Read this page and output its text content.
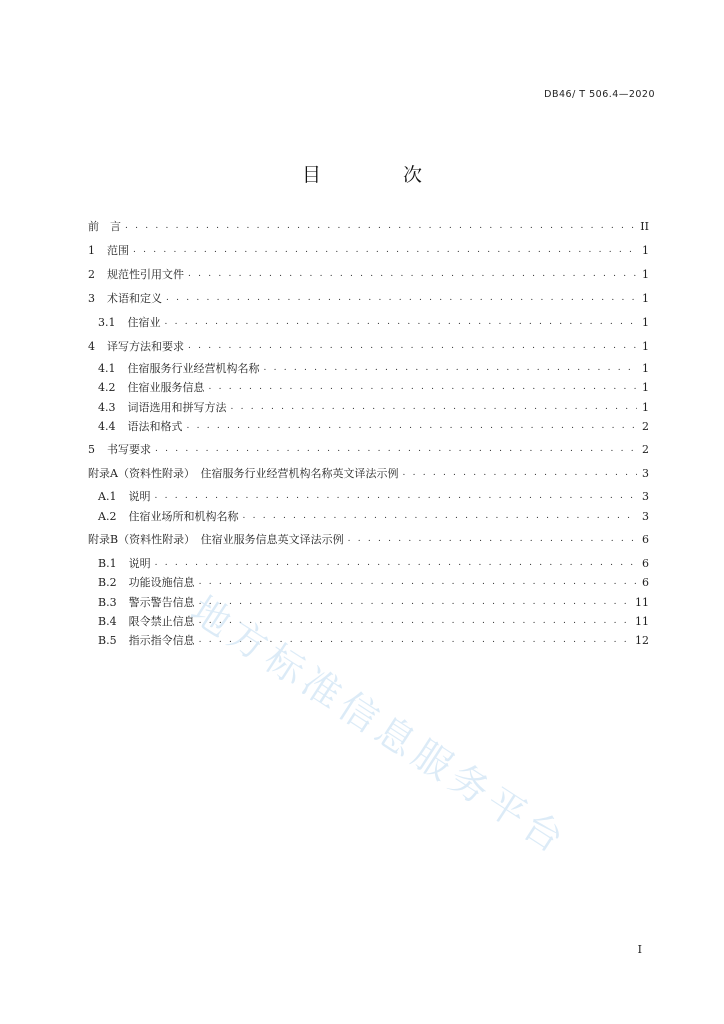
DB46/ T 506.4—2020
目 次
前　言 . . .	II
1 范围 . . .	1
2 规范性引用文件 . . .	1
3 术语和定义 . . .	1
3.1 住宿业 . . .	1
4 译写方法和要求 . . .	1
4.1 住宿服务行业经营机构名称 . . .	1
4.2 住宿业服务信息 . . .	1
4.3 词语选用和拼写方法 . . .	1
4.4 语法和格式 . . .	2
5 书写要求 . . .	2
附录A（资料性附录）　住宿服务行业经营机构名称英文译法示例 . . .	3
A.1 说明 . . .	3
A.2 住宿业场所和机构名称 . . .	3
附录B（资料性附录）　住宿业服务信息英文译法示例 . . .	6
B.1 说明 . . .	6
B.2 功能设施信息 . . .	6
B.3 警示警告信息 . . .	11
B.4 限令禁止信息 . . .	11
B.5 指示指令信息 . . .	12
地方标准信息服务平台
I
